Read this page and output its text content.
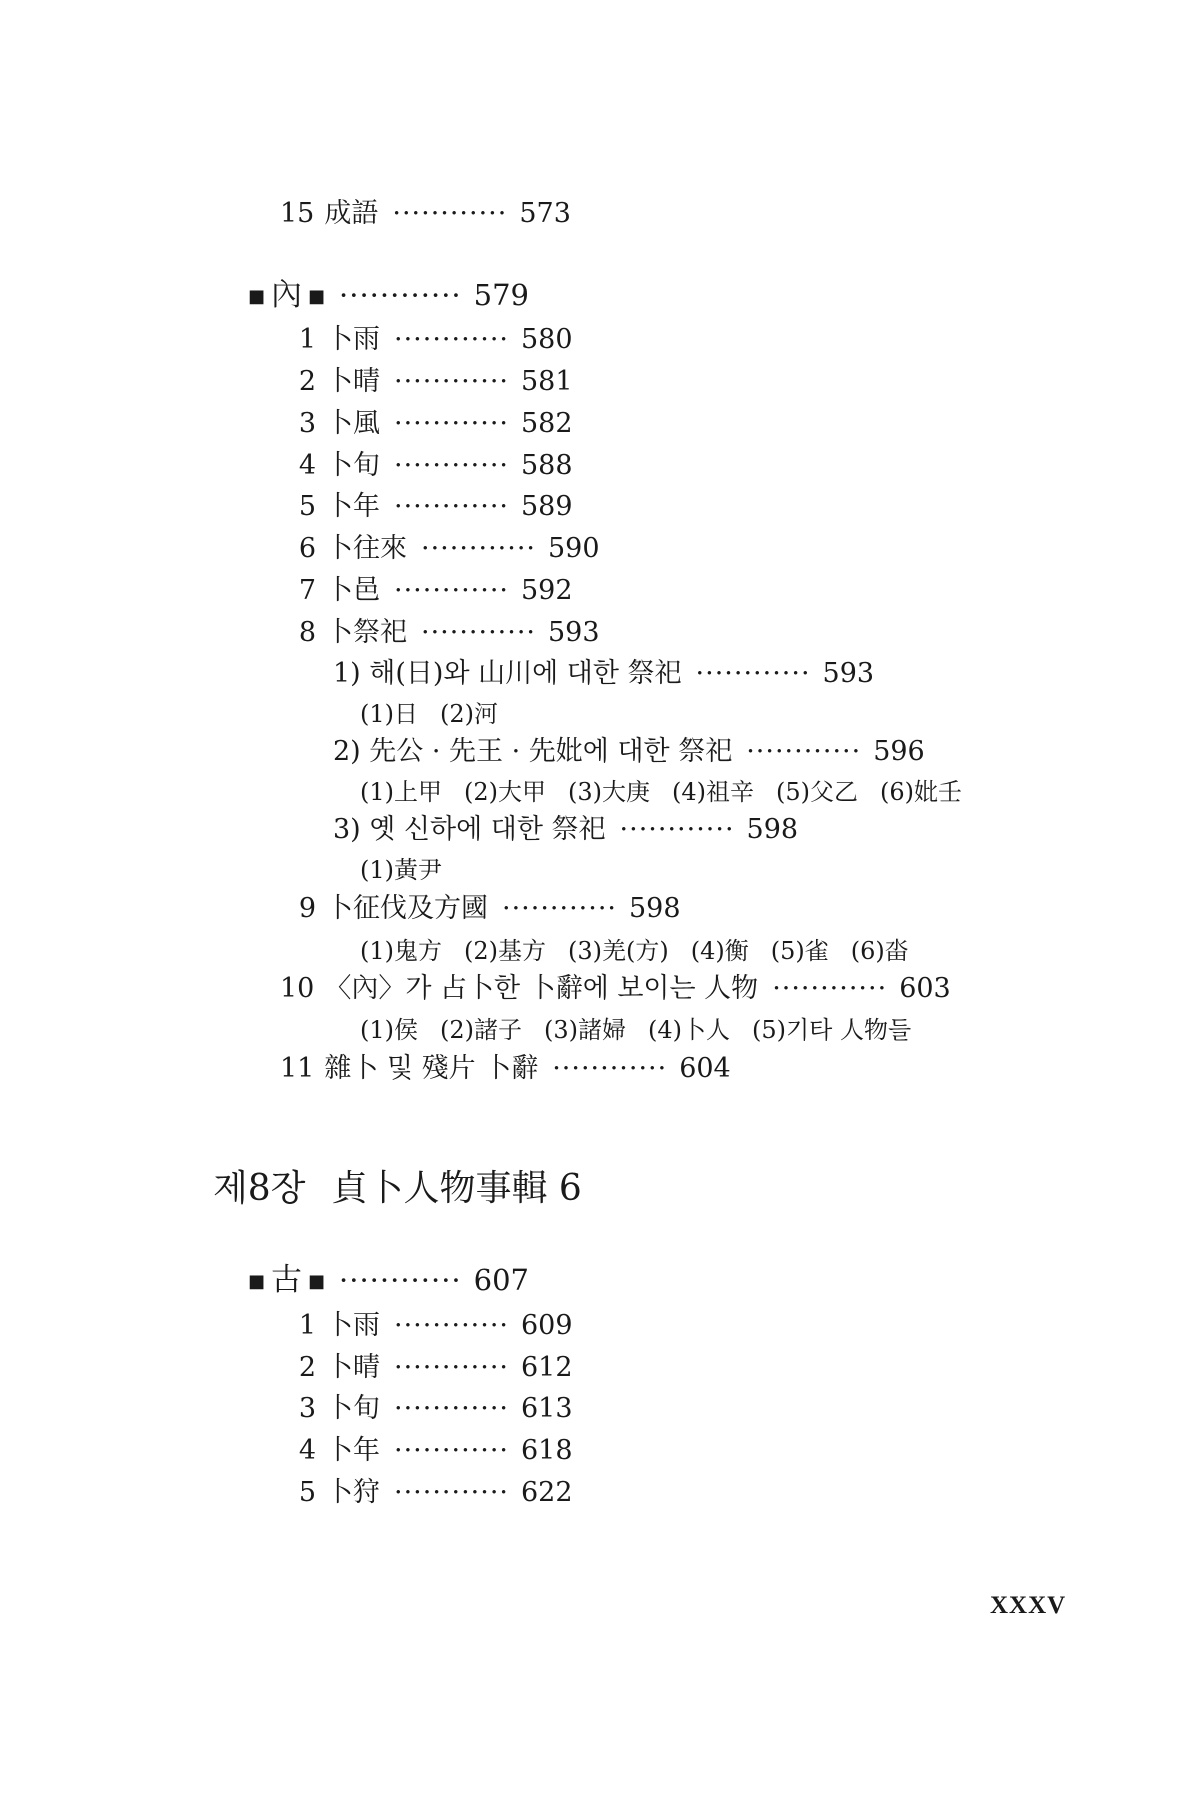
15 成語 ············ 573
■ 內 ■ ············ 579
1 卜雨 ············ 580
2 卜晴 ············ 581
3 卜風 ············ 582
4 卜旬 ············ 588
5 卜年 ············ 589
6 卜往來 ············ 590
7 卜邑 ············ 592
8 卜祭祀 ············ 593
1) 해(日)와 山川에 대한 祭祀 ············ 593
(1)日 (2)河
2) 先公 · 先王 · 先妣에 대한 祭祀 ············ 596
(1)上甲 (2)大甲 (3)大庚 (4)祖辛 (5)父乙 (6)妣壬
3) 옛 신하에 대한 祭祀 ············ 598
(1)黃尹
9 卜征伐及方國 ············ 598
(1)鬼方 (2)基方 (3)羌(方) (4)衡 (5)雀 (6)畓
10 〈內〉가 占卜한 卜辭에 보이는 人物 ············ 603
(1)侯 (2)諸子 (3)諸婦 (4)卜人 (5)기타 人物들
11 雜卜 및 殘片 卜辭 ············ 604
제8장 貞卜人物事輯 6
■ 古 ■ ············ 607
1 卜雨 ············ 609
2 卜晴 ············ 612
3 卜旬 ············ 613
4 卜年 ············ 618
5 卜狩 ············ 622
XXXV
